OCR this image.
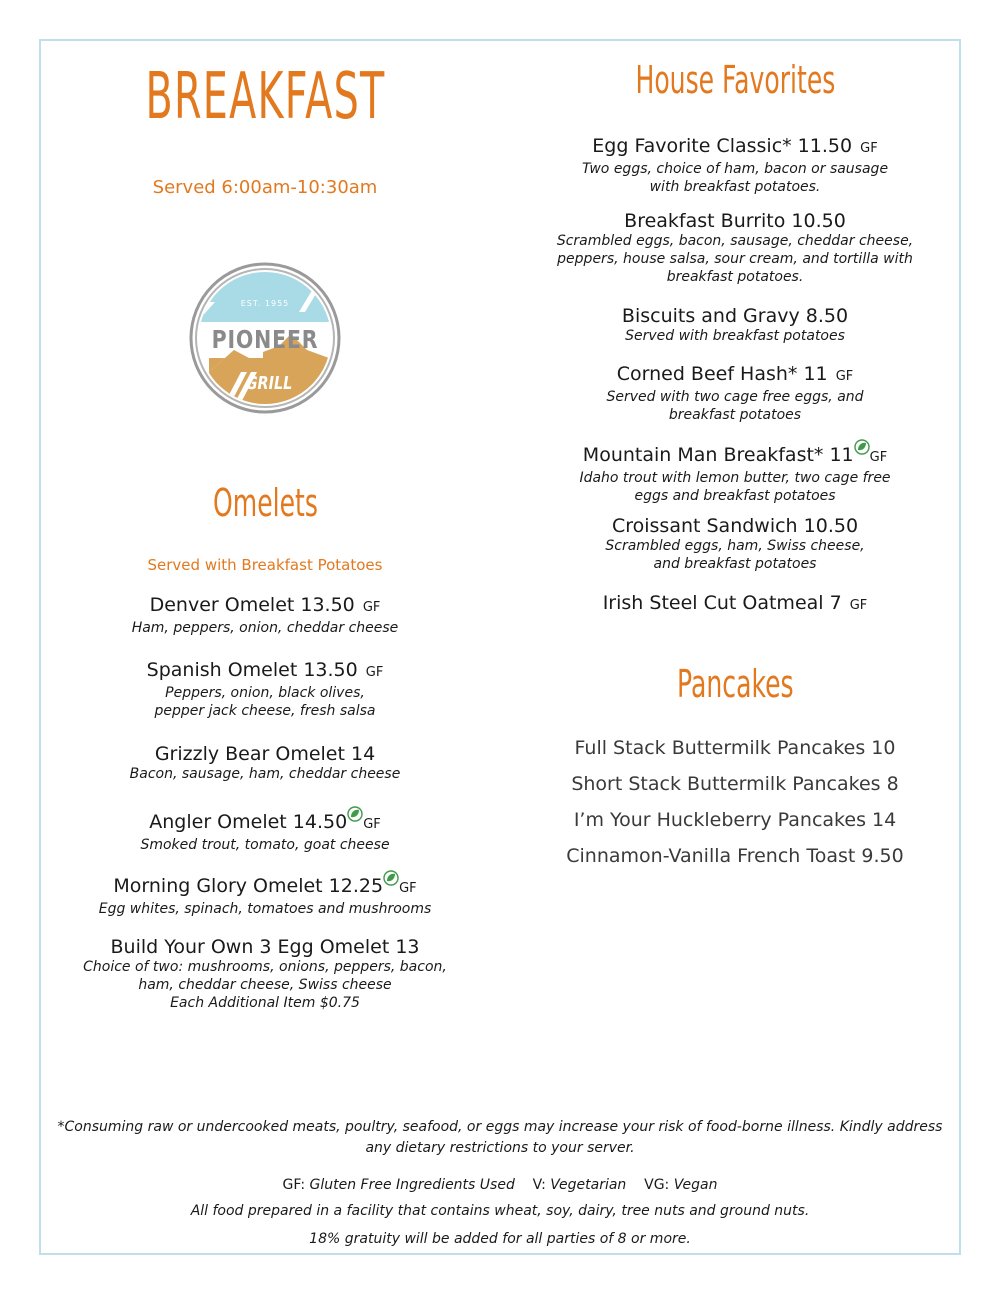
BREAKFAST
Served 6:00am-10:30am
EST. 1955
PIONEER
GRILL
Omelets
Served with Breakfast Potatoes
Denver Omelet 13.50 GF
Ham, peppers, onion, cheddar cheese
Spanish Omelet 13.50 GF
Peppers, onion, black olives,
pepper jack cheese, fresh salsa
Grizzly Bear Omelet 14
Bacon, sausage, ham, cheddar cheese
Angler Omelet 14.50 GF
Smoked trout, tomato, goat cheese
Morning Glory Omelet 12.25 GF
Egg whites, spinach, tomatoes and mushrooms
Build Your Own 3 Egg Omelet 13
Choice of two: mushrooms, onions, peppers, bacon,
ham, cheddar cheese, Swiss cheese
Each Additional Item $0.75
House Favorites
Egg Favorite Classic* 11.50 GF
Two eggs, choice of ham, bacon or sausage
with breakfast potatoes.
Breakfast Burrito 10.50
Scrambled eggs, bacon, sausage, cheddar cheese,
peppers, house salsa, sour cream, and tortilla with
breakfast potatoes.
Biscuits and Gravy 8.50
Served with breakfast potatoes
Corned Beef Hash* 11 GF
Served with two cage free eggs, and
breakfast potatoes
Mountain Man Breakfast* 11 GF
Idaho trout with lemon butter, two cage free
eggs and breakfast potatoes
Croissant Sandwich 10.50
Scrambled eggs, ham, Swiss cheese,
and breakfast potatoes
Irish Steel Cut Oatmeal 7 GF
Pancakes
Full Stack Buttermilk Pancakes 10
Short Stack Buttermilk Pancakes 8
I’m Your Huckleberry Pancakes 14
Cinnamon-Vanilla French Toast 9.50
*Consuming raw or undercooked meats, poultry, seafood, or eggs may increase your risk of food-borne illness. Kindly address
any dietary restrictions to your server.
GF: Gluten Free Ingredients Used V: Vegetarian VG: Vegan
All food prepared in a facility that contains wheat, soy, dairy, tree nuts and ground nuts.
18% gratuity will be added for all parties of 8 or more.
